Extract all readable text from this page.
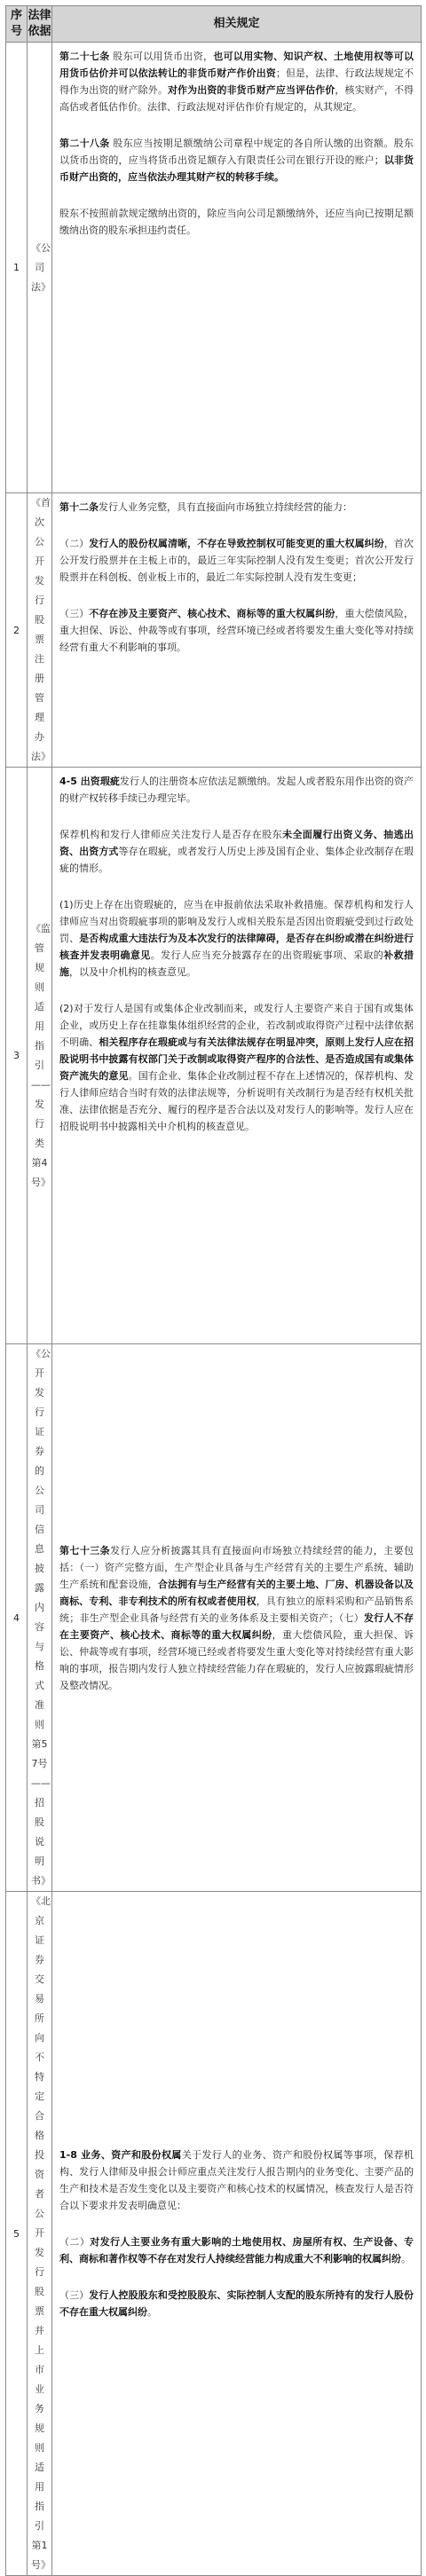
序号	法律依据	相关规定
1	《公司法》	第二十七条 股东可以用货币出资，也可以用实物、知识产权、土地使用权等可以用货币估价并可以依法转让的非货币财产作价出资；但是，法律、行政法规规定不得作为出资的财产除外。对作为出资的非货币财产应当评估作价，核实财产，不得高估或者低估作价。法律、行政法规对评估作价有规定的，从其规定。

第二十八条 股东应当按期足额缴纳公司章程中规定的各自所认缴的出资额。股东以货币出资的，应当将货币出资足额存入有限责任公司在银行开设的账户；以非货币财产出资的，应当依法办理其财产权的转移手续。

股东不按照前款规定缴纳出资的，除应当向公司足额缴纳外，还应当向已按期足额缴纳出资的股东承担违约责任。

2	《首次公开发行股票注册管理办法》	第十二条发行人业务完整，具有直接面向市场独立持续经营的能力：

（二）发行人的股份权属清晰，不存在导致控制权可能变更的重大权属纠纷，首次公开发行股票并在主板上市的，最近三年实际控制人没有发生变更；首次公开发行股票并在科创板、创业板上市的，最近二年实际控制人没有发生变更；

（三）不存在涉及主要资产、核心技术、商标等的重大权属纠纷，重大偿债风险，重大担保、诉讼、仲裁等或有事项，经营环境已经或者将要发生重大变化等对持续经营有重大不利影响的事项。

3	《监管规则适用指引——发行类第4号》	4-5 出资瑕疵发行人的注册资本应依法足额缴纳。发起人或者股东用作出资的资产的财产权转移手续已办理完毕。

保荐机构和发行人律师应关注发行人是否存在股东未全面履行出资义务、抽逃出资、出资方式等存在瑕疵，或者发行人历史上涉及国有企业、集体企业改制存在瑕疵的情形。

(1)历史上存在出资瑕疵的，应当在申报前依法采取补救措施。保荐机构和发行人律师应当对出资瑕疵事项的影响及发行人或相关股东是否因出资瑕疵受到过行政处罚、是否构成重大违法行为及本次发行的法律障碍，是否存在纠纷或潜在纠纷进行核查并发表明确意见。发行人应当充分披露存在的出资瑕疵事项、采取的补救措施，以及中介机构的核查意见。

(2)对于发行人是国有或集体企业改制而来，或发行人主要资产来自于国有或集体企业，或历史上存在挂靠集体组织经营的企业，若改制或取得资产过程中法律依据不明确、相关程序存在瑕疵或与有关法律法规存在明显冲突，原则上发行人应在招股说明书中披露有权部门关于改制或取得资产程序的合法性、是否造成国有或集体资产流失的意见。国有企业、集体企业改制过程不存在上述情况的，保荐机构、发行人律师应结合当时有效的法律法规等，分析说明有关改制行为是否经有权机关批准、法律依据是否充分、履行的程序是否合法以及对发行人的影响等。发行人应在招股说明书中披露相关中介机构的核查意见。

4	《公开发行证券的公司信息披露内容与格式准则第57号——招股说明书》	第七十三条发行人应分析披露其具有直接面向市场独立持续经营的能力，主要包括：（一）资产完整方面，生产型企业具备与生产经营有关的主要生产系统、辅助生产系统和配套设施，合法拥有与生产经营有关的主要土地、厂房、机器设备以及商标、专利、非专利技术的所有权或者使用权，具有独立的原料采购和产品销售系统；非生产型企业具备与经营有关的业务体系及主要相关资产；（七）发行人不存在主要资产、核心技术、商标等的重大权属纠纷，重大偿债风险，重大担保、诉讼、仲裁等或有事项，经营环境已经或者将要发生重大变化等对持续经营有重大影响的事项，报告期内发行人独立持续经营能力存在瑕疵的，发行人应披露瑕疵情形及整改情况。

5	《北京证券交易所向不特定合格投资者公开发行股票并上市业务规则适用指引第1号》	1-8 业务、资产和股份权属关于发行人的业务、资产和股份权属等事项，保荐机构、发行人律师及申报会计师应重点关注发行人报告期内的业务变化、主要产品的生产和技术是否发生变化以及主要资产和核心技术的权属情况，核查发行人是否符合以下要求并发表明确意见：

（二）对发行人主要业务有重大影响的土地使用权、房屋所有权、生产设备、专利、商标和著作权等不存在对发行人持续经营能力构成重大不利影响的权属纠纷。

（三）发行人控股股东和受控股股东、实际控制人支配的股东所持有的发行人股份不存在重大权属纠纷。
